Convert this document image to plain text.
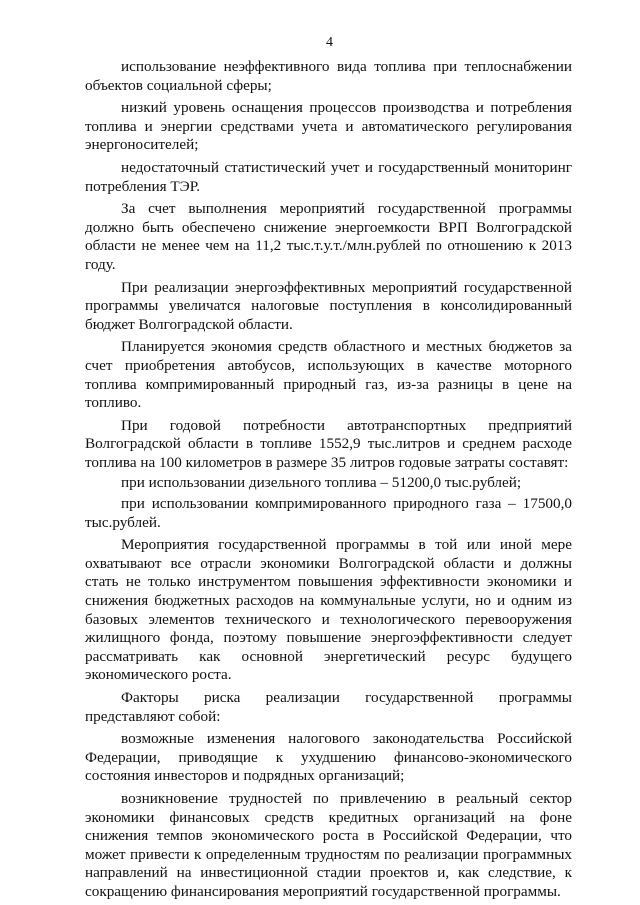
4

использование неэффективного вида топлива при теплоснабжении объектов социальной сферы;

низкий уровень оснащения процессов производства и потребления топлива и энергии средствами учета и автоматического регулирования энергоносителей;

недостаточный статистический учет и государственный мониторинг потребления ТЭР.

За счет выполнения мероприятий государственной программы должно быть обеспечено снижение энергоемкости ВРП Волгоградской области не менее чем на 11,2 тыс.т.у.т./млн.рублей по отношению к 2013 году.

При реализации энергоэффективных мероприятий государственной программы увеличатся налоговые поступления в консолидированный бюджет Волгоградской области.

Планируется экономия средств областного и местных бюджетов за счет приобретения автобусов, использующих в качестве моторного топлива компримированный природный газ, из-за разницы в цене на топливо.

При годовой потребности автотранспортных предприятий Волгоградской области в топливе 1552,9 тыс.литров и среднем расходе топлива на 100 километров в размере 35 литров годовые затраты составят:

при использовании дизельного топлива – 51200,0 тыс.рублей;

при использовании компримированного природного газа – 17500,0 тыс.рублей.

Мероприятия государственной программы в той или иной мере охватывают все отрасли экономики Волгоградской области и должны стать не только инструментом повышения эффективности экономики и снижения бюджетных расходов на коммунальные услуги, но и одним из базовых элементов технического и технологического перевооружения жилищного фонда, поэтому повышение энергоэффективности следует рассматривать как основной энергетический ресурс будущего экономического роста.

Факторы риска реализации государственной программы представляют собой:

возможные изменения налогового законодательства Российской Федерации, приводящие к ухудшению финансово-экономического состояния инвесторов и подрядных организаций;

возникновение трудностей по привлечению в реальный сектор экономики финансовых средств кредитных организаций на фоне снижения темпов экономического роста в Российской Федерации, что может привести к определенным трудностям по реализации программных направлений на инвестиционной стадии проектов и, как следствие, к сокращению финансирования мероприятий государственной программы.
